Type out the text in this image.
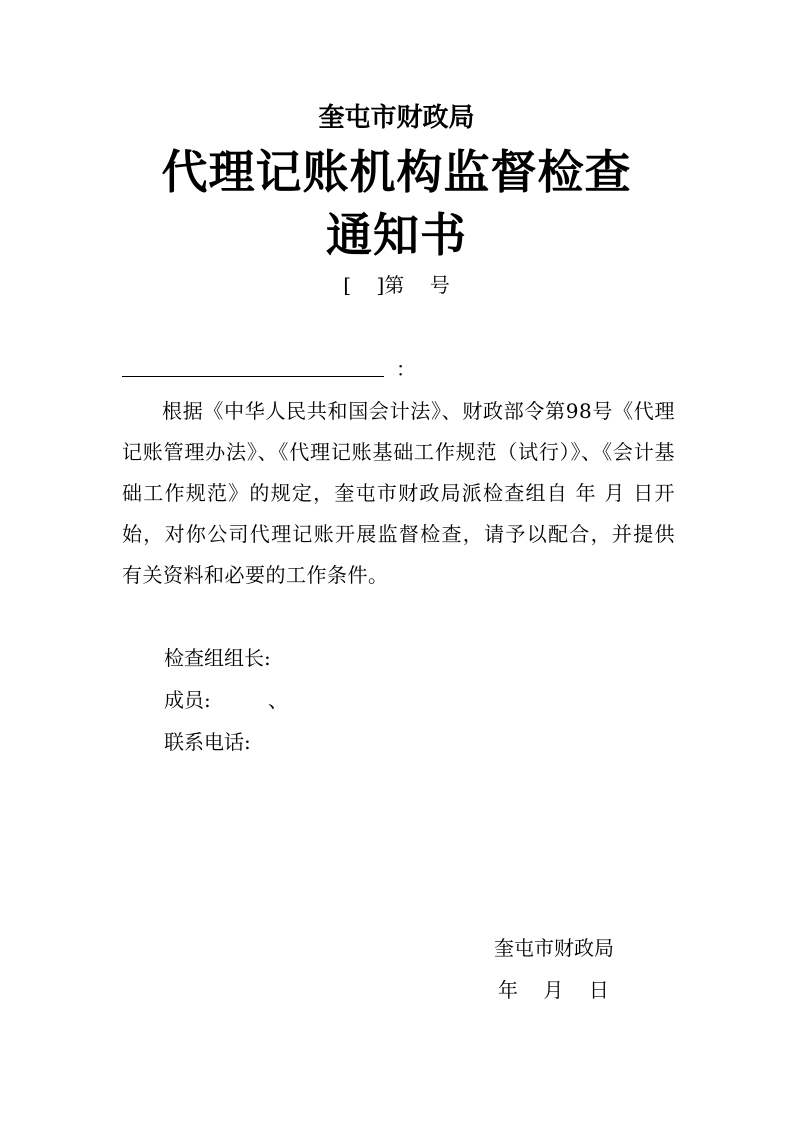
奎屯市财政局
代理记账机构监督检查
通知书
[    ]第    号
：
根据《中华人民共和国会计法》、财政部令第98号《代理记账管理办法》、《代理记账基础工作规范（试行）》、《会计基础工作规范》的规定，奎屯市财政局派检查组自 年 月 日开始，对你公司代理记账开展监督检查，请予以配合，并提供有关资料和必要的工作条件。
检查组组长:
成员:         、
联系电话:
奎屯市财政局
年    月    日
